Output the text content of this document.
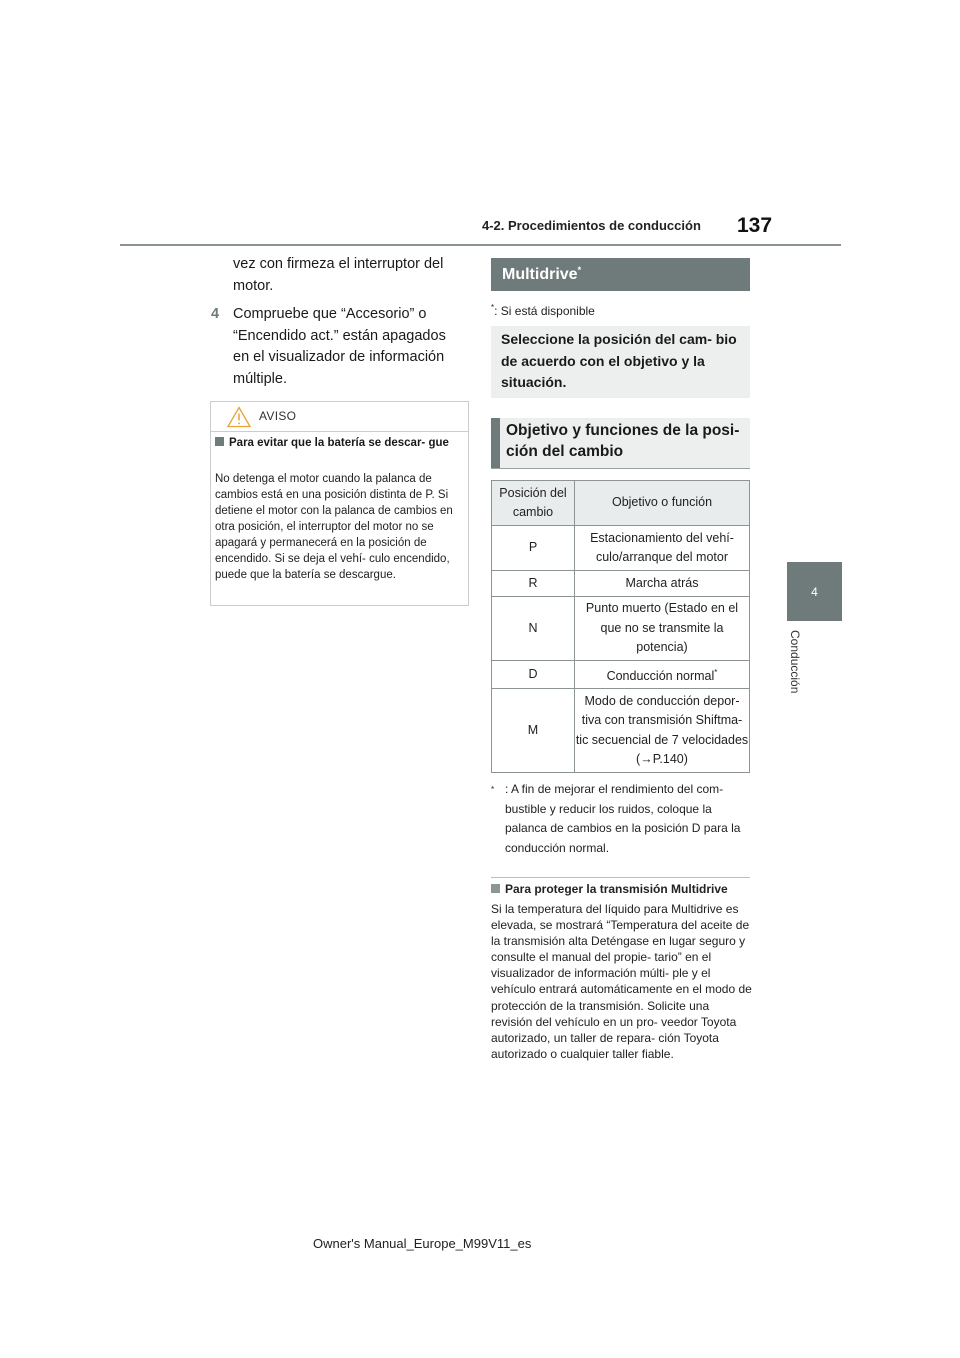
4-2. Procedimientos de conducción 137
4
Conducción
vez con firmeza el interruptor del
motor.
4 Compruebe que “Accesorio” o
“Encendido act.” están apagados
en el visualizador de información
múltiple.
AVISO
Para evitar que la batería se descar- gue
No detenga el motor cuando la palanca de cambios está en una posición distinta de P. Si detiene el motor con la palanca de cambios en otra posición, el interruptor del motor no se apagará y permanecerá en la posición de encendido. Si se deja el vehí- culo encendido, puede que la batería se descargue.
Multidrive*
*: Si está disponible
Seleccione la posición del cam- bio de acuerdo con el objetivo y la situación.
Objetivo y funciones de la posi- ción del cambio
Posición del cambio	Objetivo o función
P	Estacionamiento del vehí- culo/arranque del motor
R	Marcha atrás
N	Punto muerto (Estado en el que no se transmite la potencia)
D	Conducción normal*
M	Modo de conducción depor- tiva con transmisión Shiftma- tic secuencial de 7 velocidades (→P.140)
* : A fin de mejorar el rendimiento del com- bustible y reducir los ruidos, coloque la palanca de cambios en la posición D para la conducción normal.
Para proteger la transmisión Multidrive
Si la temperatura del líquido para Multidrive es elevada, se mostrará “Temperatura del aceite de la transmisión alta Deténgase en lugar seguro y consulte el manual del propie- tario” en el visualizador de información múlti- ple y el vehículo entrará automáticamente en el modo de protección de la transmisión. Solicite una revisión del vehículo en un pro- veedor Toyota autorizado, un taller de repara- ción Toyota autorizado o cualquier taller fiable.
Owner's Manual_Europe_M99V11_es
